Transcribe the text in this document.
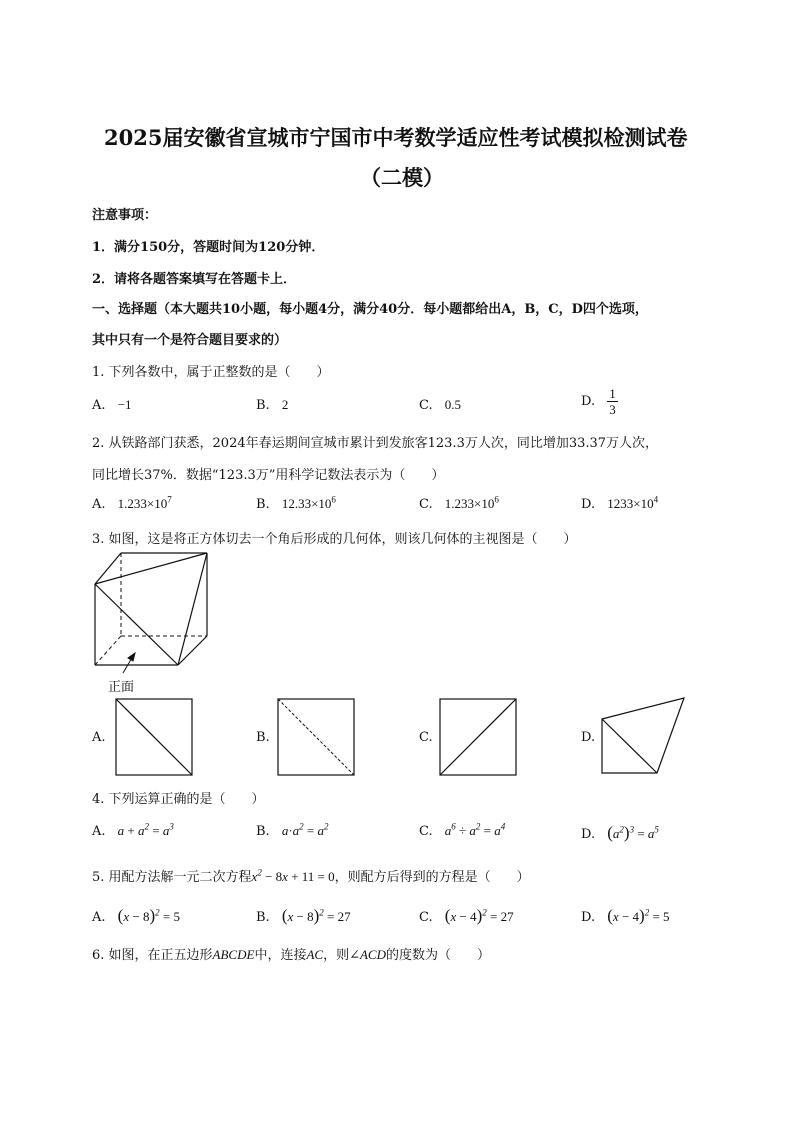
2025届安徽省宣城市宁国市中考数学适应性考试模拟检测试卷
（二模）
注意事项：
1．满分150分，答题时间为120分钟．
2．请将各题答案填写在答题卡上．
一、选择题（本大题共10小题，每小题4分，满分40分．每小题都给出A，B，C，D四个选项，
其中只有一个是符合题目要求的）
1. 下列各数中，属于正整数的是（　　）
A. −1	B. 2	C. 0.5	D. $\frac{1}{3}$
2. 从铁路部门获悉，2024年春运期间宣城市累计到发旅客123.3万人次，同比增加33.37万人次，
同比增长37%．数据“123.3万”用科学记数法表示为（　　）
A. $1.233\times 10^7$	B. $12.33\times 10^6$	C. $1.233\times 10^6$	D. $1233\times 10^4$
3. 如图，这是将正方体切去一个角后形成的几何体，则该几何体的主视图是（　　）
正面
A.	B.	C.	D.
4. 下列运算正确的是（　　）
A. $a + a^2 = a^3$	B. $a\cdot a^2 = a^2$	C. $a^6 \div a^2 = a^4$
D. $(a^2)^3 = a^5$
5. 用配方法解一元二次方程$x^2 - 8x + 11 = 0$，则配方后得到的方程是（　　）
A. $(x - 8)^2 = 5$	B. $(x - 8)^2 = 27$	C. $(x - 4)^2 = 27$	D. $(x - 4)^2 = 5$
6. 如图，在正五边形ABCDE中，连接AC，则∠ACD的度数为（　　）
